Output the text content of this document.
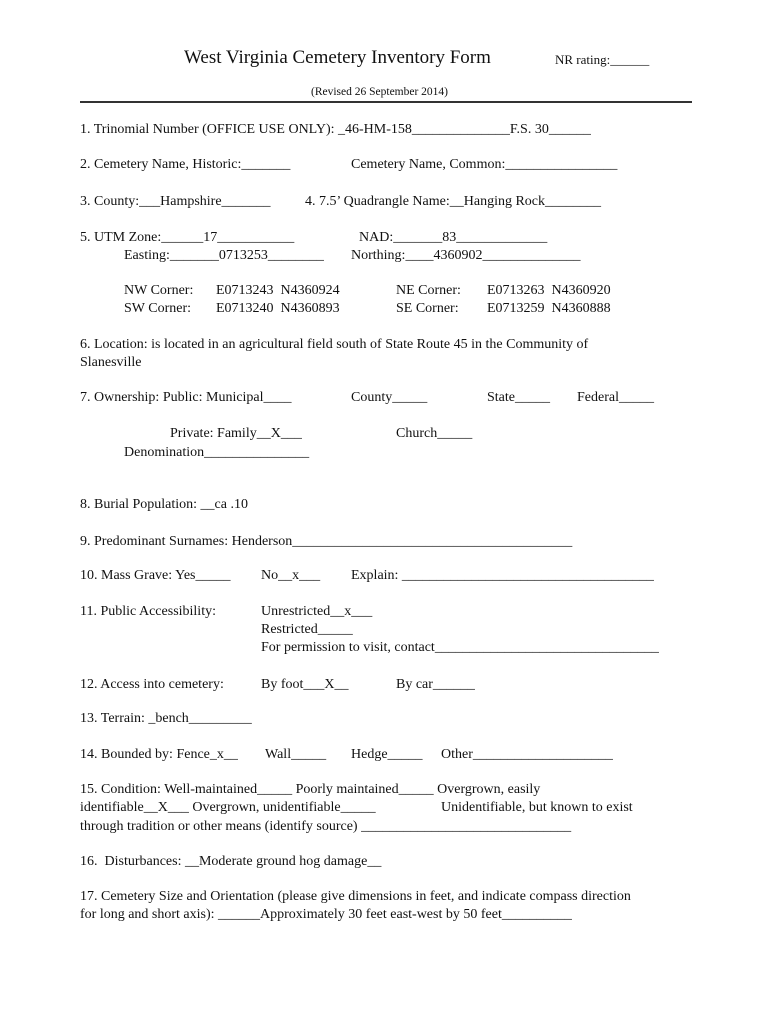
West Virginia Cemetery Inventory Form	NR rating:______
(Revised 26 September 2014)
1. Trinomial Number (OFFICE USE ONLY): _46-HM-158______________F.S. 30______
2. Cemetery Name, Historic:_______	Cemetery Name, Common:________________
3. County:___Hampshire_______ 4. 7.5’ Quadrangle Name:__Hanging Rock________
5. UTM Zone:______17___________	NAD:_______83_____________
Easting:_______0713253________ Northing:____4360902______________
NW Corner: E0713243  N4360924	NE Corner: E0713263  N4360920
SW Corner: E0713240  N4360893	SE Corner: E0713259  N4360888
6. Location: is located in an agricultural field south of State Route 45 in the Community of
Slanesville
7. Ownership: Public: Municipal____	County_____	State_____ Federal_____
Private: Family__X___	Church_____
Denomination_______________
8. Burial Population: __ca .10
9. Predominant Surnames: Henderson________________________________________
10. Mass Grave: Yes_____ No__x___ Explain: ____________________________________
11. Public Accessibility:	Unrestricted__x___
Restricted_____
For permission to visit, contact________________________________
12. Access into cemetery:	By foot___X__	By car______
13. Terrain: _bench_________
14. Bounded by: Fence_x__ Wall_____ Hedge_____ Other____________________
15. Condition: Well-maintained_____ Poorly maintained_____ Overgrown, easily
identifiable__X___ Overgrown, unidentifiable_____	Unidentifiable, but known to exist
through tradition or other means (identify source) ______________________________
16.  Disturbances: __Moderate ground hog damage__
17. Cemetery Size and Orientation (please give dimensions in feet, and indicate compass direction
for long and short axis): ______Approximately 30 feet east-west by 50 feet__________
